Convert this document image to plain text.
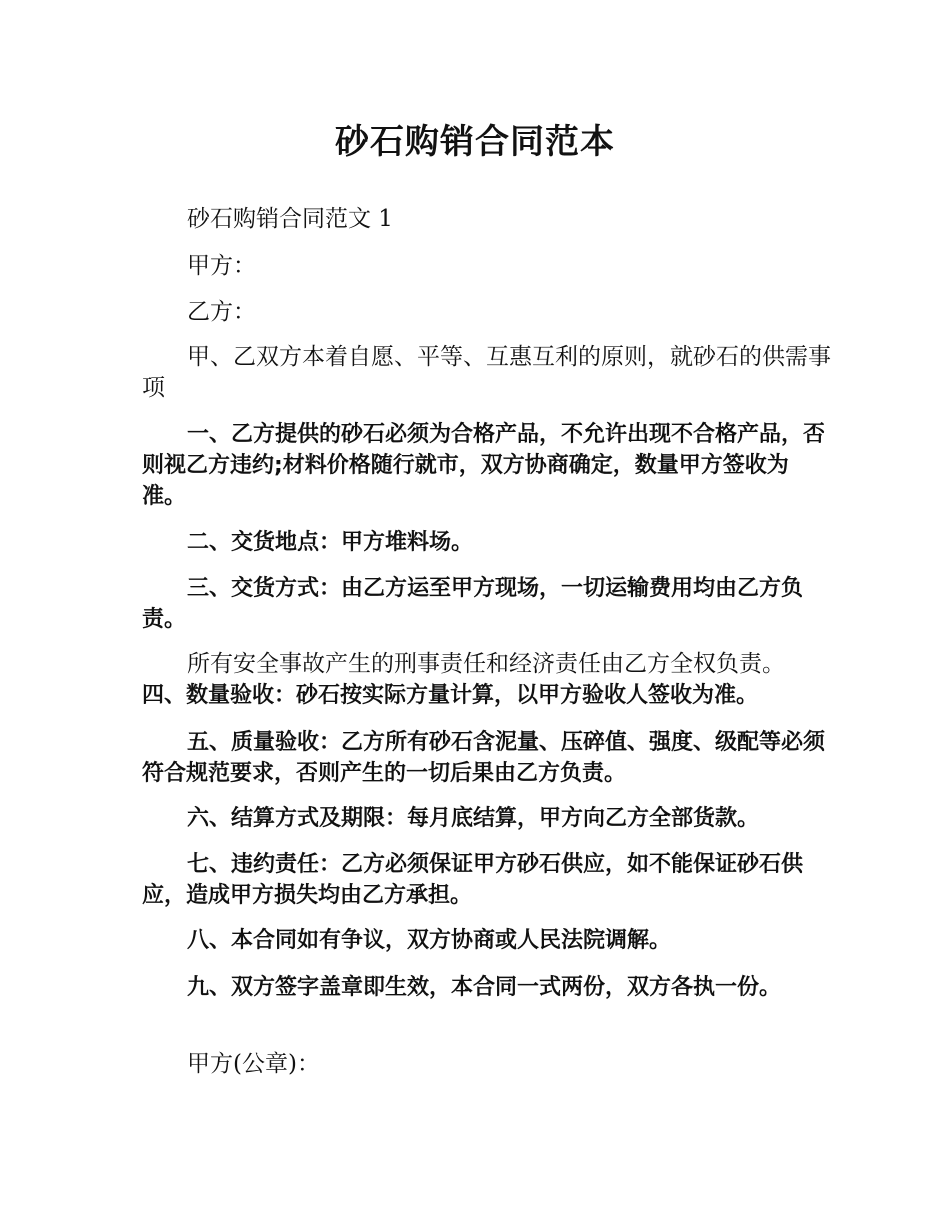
砂石购销合同范本

砂石购销合同范文 1

甲方：

乙方：

甲、乙双方本着自愿、平等、互惠互利的原则，就砂石的供需事项

一、乙方提供的砂石必须为合格产品，不允许出现不合格产品，否则视乙方违约;材料价格随行就市，双方协商确定，数量甲方签收为准。

二、交货地点：甲方堆料场。

三、交货方式：由乙方运至甲方现场，一切运输费用均由乙方负责。

所有安全事故产生的刑事责任和经济责任由乙方全权负责。

四、数量验收：砂石按实际方量计算，以甲方验收人签收为准。

五、质量验收：乙方所有砂石含泥量、压碎值、强度、级配等必须符合规范要求，否则产生的一切后果由乙方负责。

六、结算方式及期限：每月底结算，甲方向乙方全部货款。

七、违约责任：乙方必须保证甲方砂石供应，如不能保证砂石供应，造成甲方损失均由乙方承担。

八、本合同如有争议，双方协商或人民法院调解。

九、双方签字盖章即生效，本合同一式两份，双方各执一份。

甲方(公章)：
